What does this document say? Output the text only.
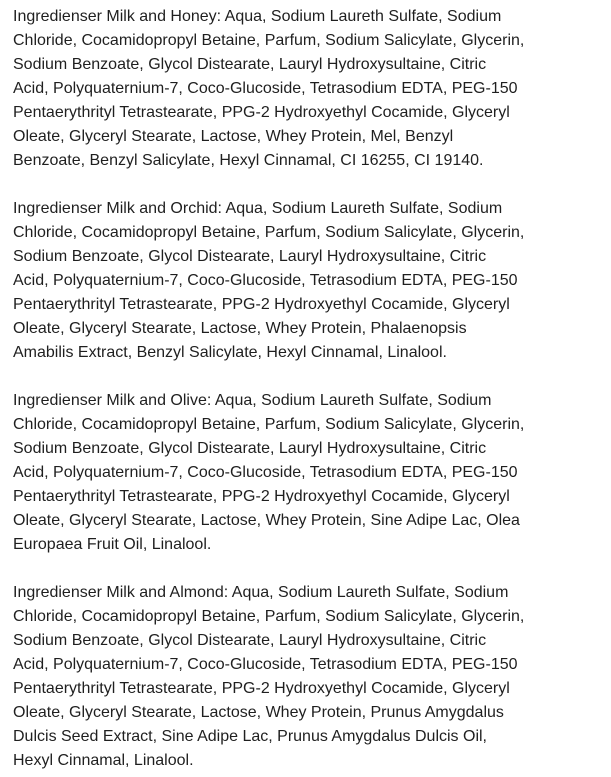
Ingredienser Milk and Honey: Aqua, Sodium Laureth Sulfate, Sodium
Chloride, Cocamidopropyl Betaine, Parfum, Sodium Salicylate, Glycerin,
Sodium Benzoate, Glycol Distearate, Lauryl Hydroxysultaine, Citric
Acid, Polyquaternium-7, Coco-Glucoside, Tetrasodium EDTA, PEG-150
Pentaerythrityl Tetrastearate, PPG-2 Hydroxyethyl Cocamide, Glyceryl
Oleate, Glyceryl Stearate, Lactose, Whey Protein, Mel, Benzyl
Benzoate, Benzyl Salicylate, Hexyl Cinnamal, CI 16255, CI 19140.

Ingredienser Milk and Orchid: Aqua, Sodium Laureth Sulfate, Sodium
Chloride, Cocamidopropyl Betaine, Parfum, Sodium Salicylate, Glycerin,
Sodium Benzoate, Glycol Distearate, Lauryl Hydroxysultaine, Citric
Acid, Polyquaternium-7, Coco-Glucoside, Tetrasodium EDTA, PEG-150
Pentaerythrityl Tetrastearate, PPG-2 Hydroxyethyl Cocamide, Glyceryl
Oleate, Glyceryl Stearate, Lactose, Whey Protein, Phalaenopsis
Amabilis Extract, Benzyl Salicylate, Hexyl Cinnamal, Linalool.

Ingredienser Milk and Olive: Aqua, Sodium Laureth Sulfate, Sodium
Chloride, Cocamidopropyl Betaine, Parfum, Sodium Salicylate, Glycerin,
Sodium Benzoate, Glycol Distearate, Lauryl Hydroxysultaine, Citric
Acid, Polyquaternium-7, Coco-Glucoside, Tetrasodium EDTA, PEG-150
Pentaerythrityl Tetrastearate, PPG-2 Hydroxyethyl Cocamide, Glyceryl
Oleate, Glyceryl Stearate, Lactose, Whey Protein, Sine Adipe Lac, Olea
Europaea Fruit Oil, Linalool.

Ingredienser Milk and Almond: Aqua, Sodium Laureth Sulfate, Sodium
Chloride, Cocamidopropyl Betaine, Parfum, Sodium Salicylate, Glycerin,
Sodium Benzoate, Glycol Distearate, Lauryl Hydroxysultaine, Citric
Acid, Polyquaternium-7, Coco-Glucoside, Tetrasodium EDTA, PEG-150
Pentaerythrityl Tetrastearate, PPG-2 Hydroxyethyl Cocamide, Glyceryl
Oleate, Glyceryl Stearate, Lactose, Whey Protein, Prunus Amygdalus
Dulcis Seed Extract, Sine Adipe Lac, Prunus Amygdalus Dulcis Oil,
Hexyl Cinnamal, Linalool.
